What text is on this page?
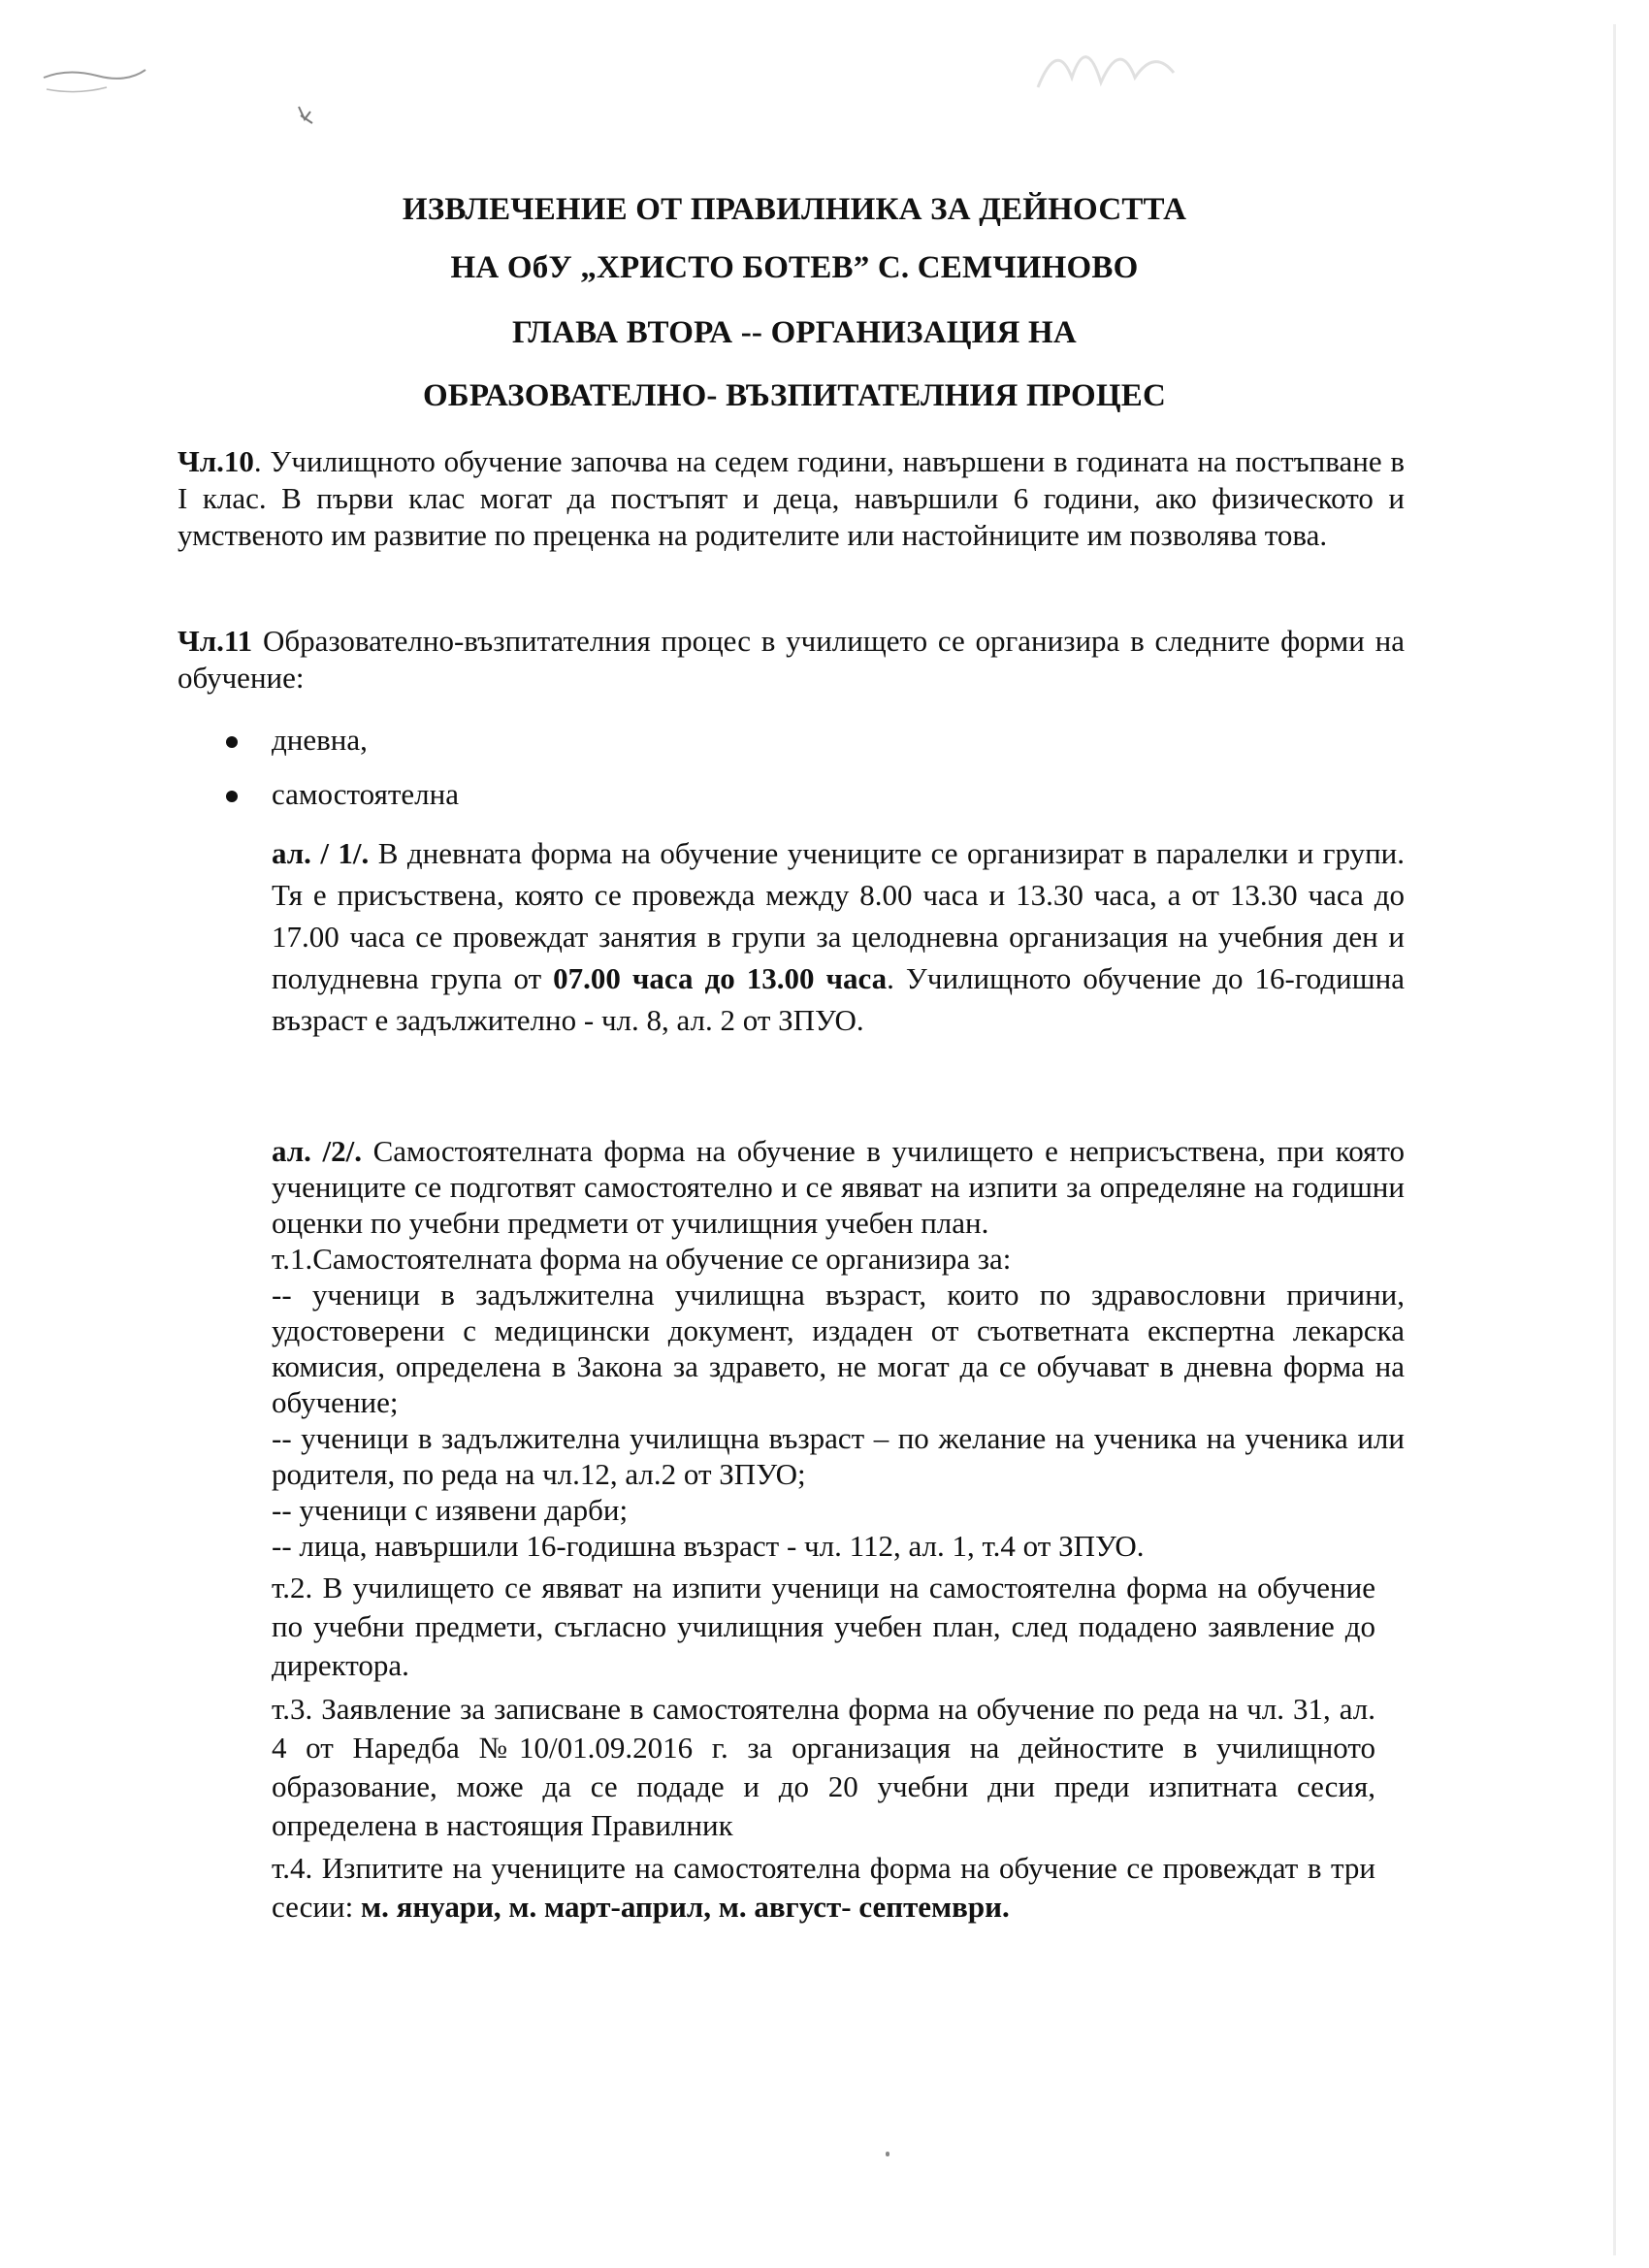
ИЗВЛЕЧЕНИЕ ОТ ПРАВИЛНИКА ЗА ДЕЙНОСТТА
НА ОбУ „ХРИСТО БОТЕВ” С. СЕМЧИНОВО
ГЛАВА ВТОРА -- ОРГАНИЗАЦИЯ НА
ОБРАЗОВАТЕЛНО- ВЪЗПИТАТЕЛНИЯ ПРОЦЕС
Чл.10. Училищното обучение започва на седем години, навършени в годината на постъпване в I клас. В първи клас могат да постъпят и деца, навършили 6 години, ако физическото и умственото им развитие по преценка на родителите или настойниците им позволява това.
Чл.11 Образователно-възпитателния процес в училището се организира в следните форми на обучение:
дневна,
самостоятелна
ал. / 1/. В дневната форма на обучение учениците се организират в паралелки и групи. Тя е присъствена, която се провежда между 8.00 часа и 13.30 часа, а от 13.30 часа до 17.00 часа се провеждат занятия в групи за целодневна организация на учебния ден и полудневна група от 07.00 часа до 13.00 часа. Училищното обучение до 16-годишна възраст е задължително - чл. 8, ал. 2 от ЗПУО.
ал. /2/. Самостоятелната форма на обучение в училището е неприсъствена, при която учениците се подготвят самостоятелно и се явяват на изпити за определяне на годишни оценки по учебни предмети от училищния учебен план.
т.1.Самостоятелната форма на обучение се организира за:
-- ученици в задължителна училищна възраст, които по здравословни причини, удостоверени с медицински документ, издаден от съответната експертна лекарска комисия, определена в Закона за здравето, не могат да се обучават в дневна форма на обучение;
-- ученици в задължителна училищна възраст – по желание на ученика на ученика или родителя, по реда на чл.12, ал.2 от ЗПУО;
-- ученици с изявени дарби;
-- лица, навършили 16-годишна възраст - чл. 112, ал. 1, т.4 от ЗПУО.
т.2. В училището се явяват на изпити ученици на самостоятелна форма на обучение по учебни предмети, съгласно училищния учебен план, след подадено заявление до директора.
т.3. Заявление за записване в самостоятелна форма на обучение по реда на чл. 31, ал. 4 от Наредба №10/01.09.2016 г. за организация на дейностите в училищното образование, може да се подаде и до 20 учебни дни преди изпитната сесия, определена в настоящия Правилник
т.4. Изпитите на учениците на самостоятелна форма на обучение се провеждат в три сесии: м. януари, м. март-април, м. август- септември.
